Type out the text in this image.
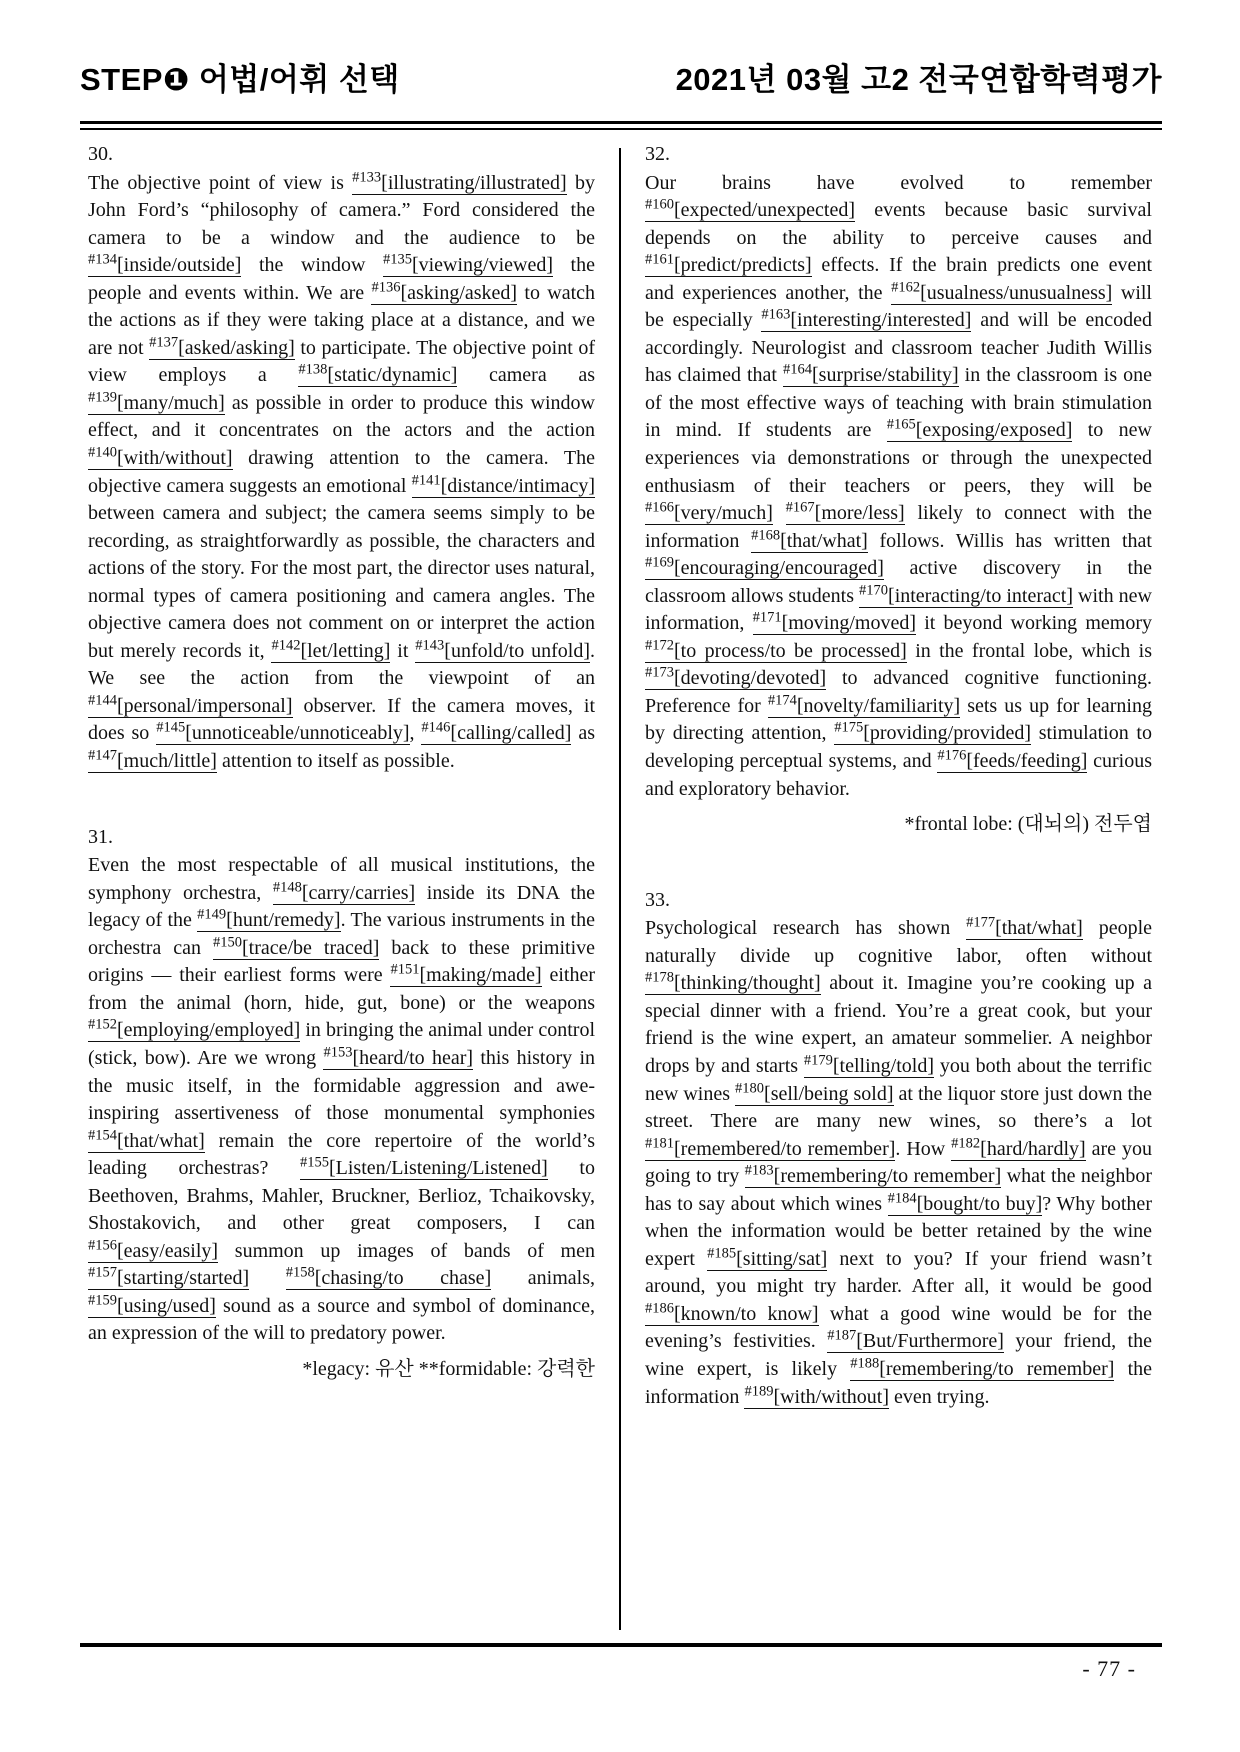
STEP❶ 어법/어휘 선택	2021년 03월 고2 전국연합학력평가
30.

The objective point of view is $^{\#133}$[illustrating/illustrated] by John Ford’s “philosophy of camera.” Ford considered the camera to be a window and the audience to be $^{\#134}$[inside/outside] the window $^{\#135}$[viewing/viewed] the people and events within. We are $^{\#136}$[asking/asked] to watch the actions as if they were taking place at a distance, and we are not $^{\#137}$[asked/asking] to participate. The objective point of view employs a $^{\#138}$[static/dynamic] camera as $^{\#139}$[many/much] as possible in order to produce this window effect, and it concentrates on the actors and the action $^{\#140}$[with/without] drawing attention to the camera. The objective camera suggests an emotional $^{\#141}$[distance/intimacy] between camera and subject; the camera seems simply to be recording, as straightforwardly as possible, the characters and actions of the story. For the most part, the director uses natural, normal types of camera positioning and camera angles. The objective camera does not comment on or interpret the action but merely records it, $^{\#142}$[let/letting] it $^{\#143}$[unfold/to unfold]. We see the action from the viewpoint of an $^{\#144}$[personal/impersonal] observer. If the camera moves, it does so $^{\#145}$[unnoticeable/unnoticeably], $^{\#146}$[calling/called] as $^{\#147}$[much/little] attention to itself as possible.

31.

Even the most respectable of all musical institutions, the symphony orchestra, $^{\#148}$[carry/carries] inside its DNA the legacy of the $^{\#149}$[hunt/remedy]. The various instruments in the orchestra can $^{\#150}$[trace/be traced] back to these primitive origins — their earliest forms were $^{\#151}$[making/made] either from the animal (horn, hide, gut, bone) or the weapons $^{\#152}$[employing/employed] in bringing the animal under control (stick, bow). Are we wrong $^{\#153}$[heard/to hear] this history in the music itself, in the formidable aggression and awe-inspiring assertiveness of those monumental symphonies $^{\#154}$[that/what] remain the core repertoire of the world’s leading orchestras? $^{\#155}$[Listen/Listening/Listened] to Beethoven, Brahms, Mahler, Bruckner, Berlioz, Tchaikovsky, Shostakovich, and other great composers, I can $^{\#156}$[easy/easily] summon up images of bands of men $^{\#157}$[starting/started]	$^{\#158}$[chasing/to chase] animals, $^{\#159}$[using/used] sound as a source and symbol of dominance, an expression of the will to predatory power.

*legacy: 유산 **formidable: 강력한
32.

Our brains have evolved to remember $^{\#160}$[expected/unexpected] events because basic survival depends on the ability to perceive causes and $^{\#161}$[predict/predicts] effects. If the brain predicts one event and experiences another, the $^{\#162}$[usualness/unusualness] will be especially $^{\#163}$[interesting/interested] and will be encoded accordingly. Neurologist and classroom teacher Judith Willis has claimed that $^{\#164}$[surprise/stability] in the classroom is one of the most effective ways of teaching with brain stimulation in mind. If students are $^{\#165}$[exposing/exposed] to new experiences via demonstrations or through the unexpected enthusiasm of their teachers or peers, they will be $^{\#166}$[very/much] $^{\#167}$[more/less] likely to connect with the information $^{\#168}$[that/what] follows. Willis has written that $^{\#169}$[encouraging/encouraged] active discovery in the classroom allows students $^{\#170}$[interacting/to interact] with new information, $^{\#171}$[moving/moved] it beyond working memory $^{\#172}$[to process/to be processed] in the frontal lobe, which is $^{\#173}$[devoting/devoted] to advanced cognitive functioning. Preference for $^{\#174}$[novelty/familiarity] sets us up for learning by directing attention, $^{\#175}$[providing/provided] stimulation to developing perceptual systems, and $^{\#176}$[feeds/feeding] curious and exploratory behavior.

*frontal lobe: (대뇌의) 전두엽
33.

Psychological research has shown $^{\#177}$[that/what] people naturally divide up cognitive labor, often without $^{\#178}$[thinking/thought] about it. Imagine you’re cooking up a special dinner with a friend. You’re a great cook, but your friend is the wine expert, an amateur sommelier. A neighbor drops by and starts $^{\#179}$[telling/told] you both about the terrific new wines $^{\#180}$[sell/being sold] at the liquor store just down the street. There are many new wines, so there’s a lot $^{\#181}$[remembered/to remember]. How $^{\#182}$[hard/hardly] are you going to try $^{\#183}$[remembering/to remember] what the neighbor has to say about which wines $^{\#184}$[bought/to buy]? Why bother when the information would be better retained by the wine expert $^{\#185}$[sitting/sat] next to you? If your friend wasn’t around, you might try harder. After all, it would be good $^{\#186}$[known/to know] what a good wine would be for the evening’s festivities. $^{\#187}$[But/Furthermore] your friend, the wine expert, is likely $^{\#188}$[remembering/to remember] the information $^{\#189}$[with/without] even trying.

- 77 -
